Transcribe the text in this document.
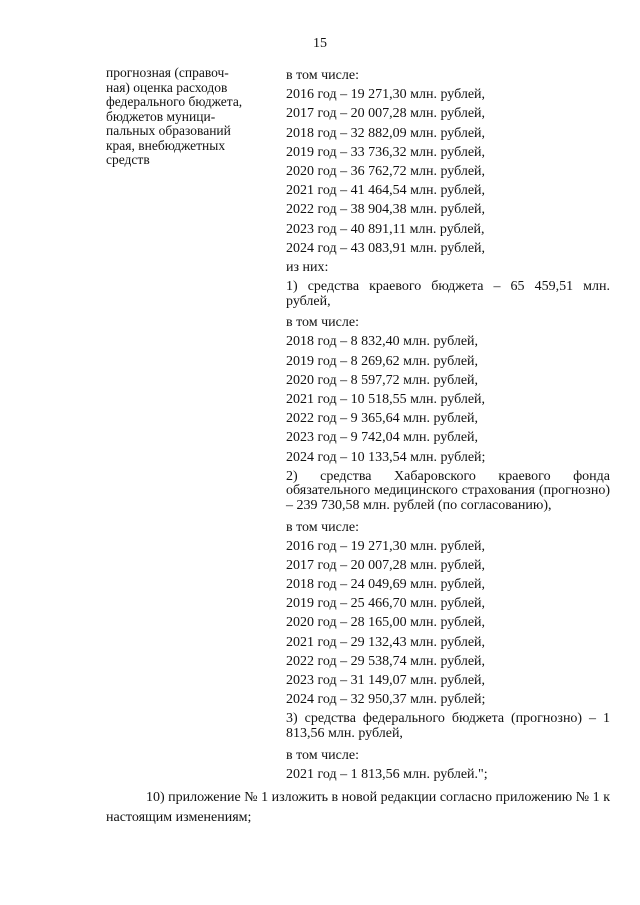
15
прогнозная (справоч-
ная) оценка расходов
федерального бюджета,
бюджетов муници-
пальных образований
края, внебюджетных
средств
в том числе:
2016 год – 19 271,30 млн. рублей,
2017 год – 20 007,28 млн. рублей,
2018 год – 32 882,09 млн. рублей,
2019 год – 33 736,32 млн. рублей,
2020 год – 36 762,72 млн. рублей,
2021 год – 41 464,54 млн. рублей,
2022 год – 38 904,38 млн. рублей,
2023 год – 40 891,11 млн. рублей,
2024 год – 43 083,91 млн. рублей,
из них:
1) средства краевого бюджета – 65 459,51 млн. рублей,
в том числе:
2018 год – 8 832,40 млн. рублей,
2019 год – 8 269,62 млн. рублей,
2020 год – 8 597,72 млн. рублей,
2021 год – 10 518,55 млн. рублей,
2022 год – 9 365,64 млн. рублей,
2023 год – 9 742,04 млн. рублей,
2024 год – 10 133,54 млн. рублей;
2) средства Хабаровского краевого фонда обязательного медицинского страхования (прогнозно) – 239 730,58 млн. рублей (по согласованию),
в том числе:
2016 год – 19 271,30 млн. рублей,
2017 год – 20 007,28 млн. рублей,
2018 год – 24 049,69 млн. рублей,
2019 год – 25 466,70 млн. рублей,
2020 год – 28 165,00 млн. рублей,
2021 год – 29 132,43 млн. рублей,
2022 год – 29 538,74 млн. рублей,
2023 год – 31 149,07 млн. рублей,
2024 год – 32 950,37 млн. рублей;
3) средства федерального бюджета (прогнозно) – 1 813,56 млн. рублей,
в том числе:
2021 год – 1 813,56 млн. рублей.";
10) приложение № 1 изложить в новой редакции согласно приложению № 1 к настоящим изменениям;
